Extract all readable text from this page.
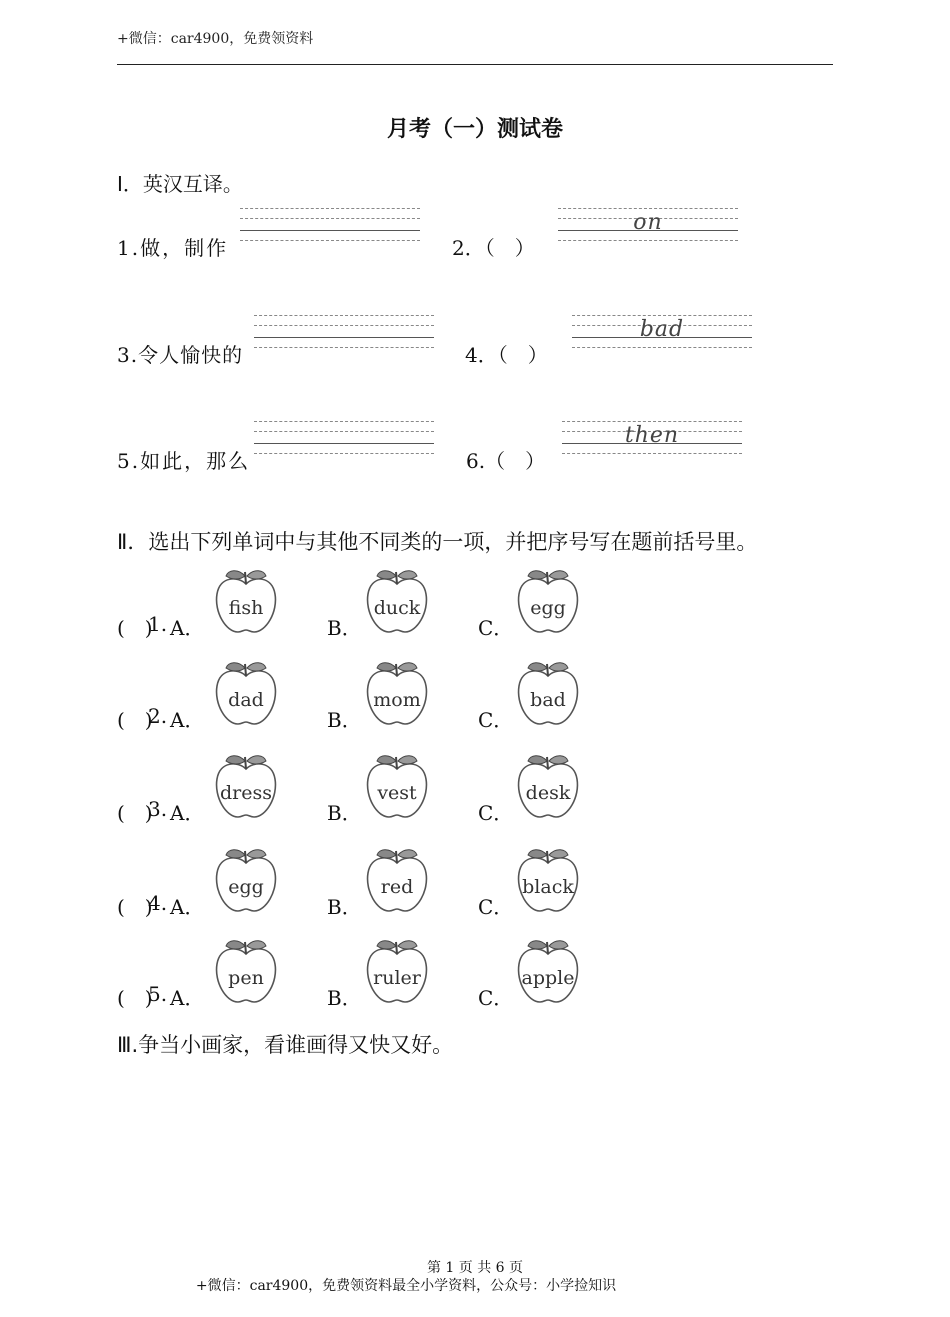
+微信：car4900，免费领资料
月考（一）测试卷
I．英汉互译。
1.做，制作	2．（　）
on
3.令人愉快的	4．（　）
bad
5.如此，那么	6.（　）
then
Ⅱ．选出下列单词中与其他不同类的一项，并把序号写在题前括号里。
(　)
1. A．
fish
B．
duck
C．
egg
(　)
2. A．
dad
B．
mom
C．
bad
(　)
3. A．
dress
B．
vest
C．
desk
(　)
4. A．
egg
B．
red
C．
black
(　)
5. A．
pen
B．
ruler
C．
apple
Ⅲ.争当小画家，看谁画得又快又好。
第 1 页 共 6 页
+微信：car4900，免费领资料最全小学资料，公众号：小学捡知识
